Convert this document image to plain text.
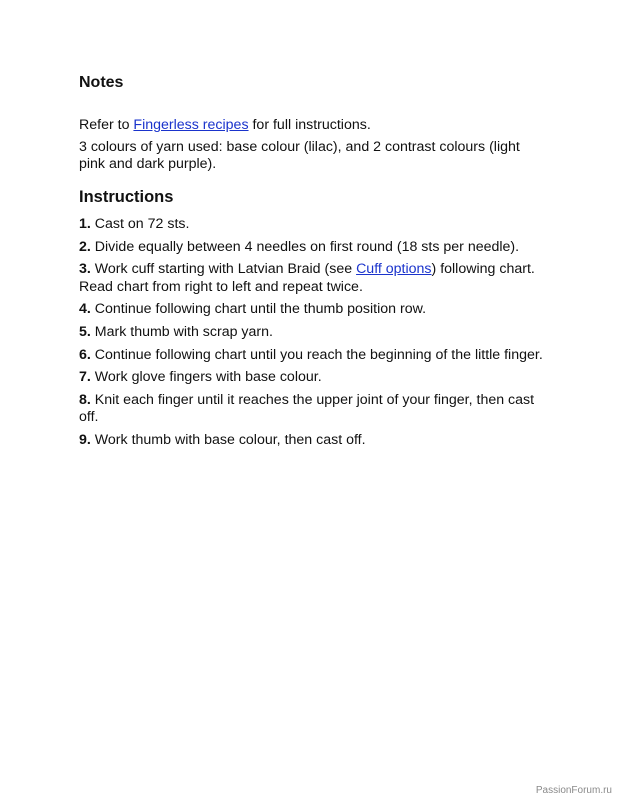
Notes

Refer to Fingerless recipes for full instructions.

3 colours of yarn used: base colour (lilac), and 2 contrast colours (light pink and dark purple).

Instructions

1. Cast on 72 sts.

2. Divide equally between 4 needles on first round (18 sts per needle).

3. Work cuff starting with Latvian Braid (see Cuff options) following chart. Read chart from right to left and repeat twice.

4. Continue following chart until the thumb position row.

5. Mark thumb with scrap yarn.

6. Continue following chart until you reach the beginning of the little finger.

7. Work glove fingers with base colour.

8. Knit each finger until it reaches the upper joint of your finger, then cast off.

9. Work thumb with base colour, then cast off.

PassionForum.ru
